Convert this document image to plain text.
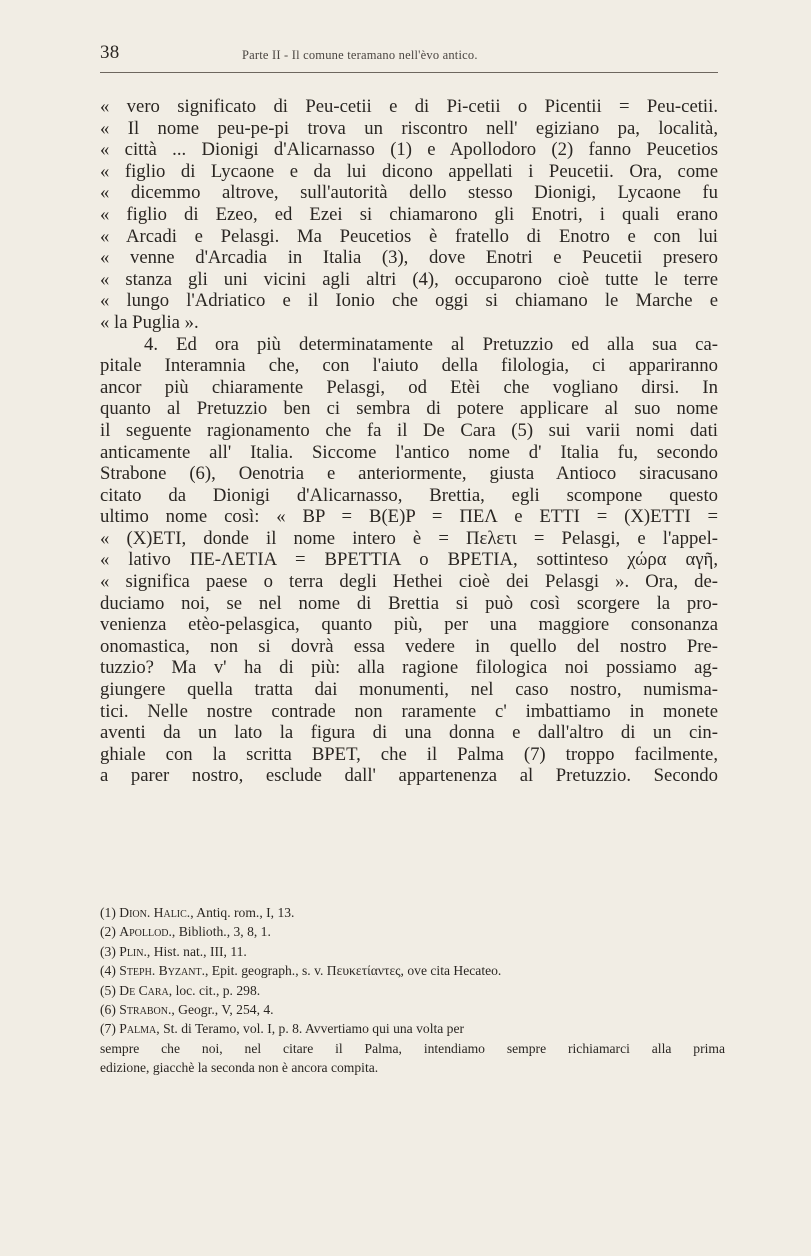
38	Parte II - Il comune teramano nell'èvo antico.
« vero significato di Peu-cetii e di Pi-cetii o Picentii = Peu-cetii.
« Il nome peu-pe-pi trova un riscontro nell' egiziano pa, località,
« città ... Dionigi d'Alicarnasso (1) e Apollodoro (2) fanno Peucetios
« figlio di Lycaone e da lui dicono appellati i Peucetii. Ora, come
« dicemmo altrove, sull'autorità dello stesso Dionigi, Lycaone fu
« figlio di Ezeo, ed Ezei si chiamarono gli Enotri, i quali erano
« Arcadi e Pelasgi. Ma Peucetios è fratello di Enotro e con lui
« venne d'Arcadia in Italia (3), dove Enotri e Peucetii presero
« stanza gli uni vicini agli altri (4), occuparono cioè tutte le terre
« lungo l'Adriatico e il Ionio che oggi si chiamano le Marche e
« la Puglia ».
4. Ed ora più determinatamente al Pretuzzio ed alla sua ca-
pitale Interamnia che, con l'aiuto della filologia, ci appariranno
ancor più chiaramente Pelasgi, od Etèi che vogliano dirsi. In
quanto al Pretuzzio ben ci sembra di potere applicare al suo nome
il seguente ragionamento che fa il De Cara (5) sui varii nomi dati
anticamente all' Italia. Siccome l'antico nome d' Italia fu, secondo
Strabone (6), Oenotria e anteriormente, giusta Antioco siracusano
citato da Dionigi d'Alicarnasso, Brettia, egli scompone questo
ultimo nome così: « BP = B(E)P = ΠΕΛ e ETTI = (X)ETTI =
« (X)ETI, donde il nome intero è = Πελετι = Pelasgi, e l'appel-
« lativo ΠΕ-ΛΕΤΙΑ = BPETTIA o BPETIA, sottinteso χώρα αγῆ,
« significa paese o terra degli Hethei cioè dei Pelasgi ». Ora, de-
duciamo noi, se nel nome di Brettia si può così scorgere la pro-
venienza etèo-pelasgica, quanto più, per una maggiore consonanza
onomastica, non si dovrà essa vedere in quello del nostro Pre-
tuzzio? Ma v' ha di più: alla ragione filologica noi possiamo ag-
giungere quella tratta dai monumenti, nel caso nostro, numisma-
tici. Nelle nostre contrade non raramente c' imbattiamo in monete
aventi da un lato la figura di una donna e dall'altro di un cin-
ghiale con la scritta BPET, che il Palma (7) troppo facilmente,
a parer nostro, esclude dall' appartenenza al Pretuzzio. Secondo
(1) Dion. Halic., Antiq. rom., I, 13.
(2) Apollod., Biblioth., 3, 8, 1.
(3) Plin., Hist. nat., III, 11.
(4) Steph. Byzant., Epit. geograph., s. v. Πευκετίαντες, ove cita Hecateo.
(5) De Cara, loc. cit., p. 298.
(6) Strabon., Geogr., V, 254, 4.
(7) Palma, St. di Teramo, vol. I, p. 8. Avvertiamo qui una volta per
sempre che noi, nel citare il Palma, intendiamo sempre richiamarci alla prima
edizione, giacchè la seconda non è ancora compita.
